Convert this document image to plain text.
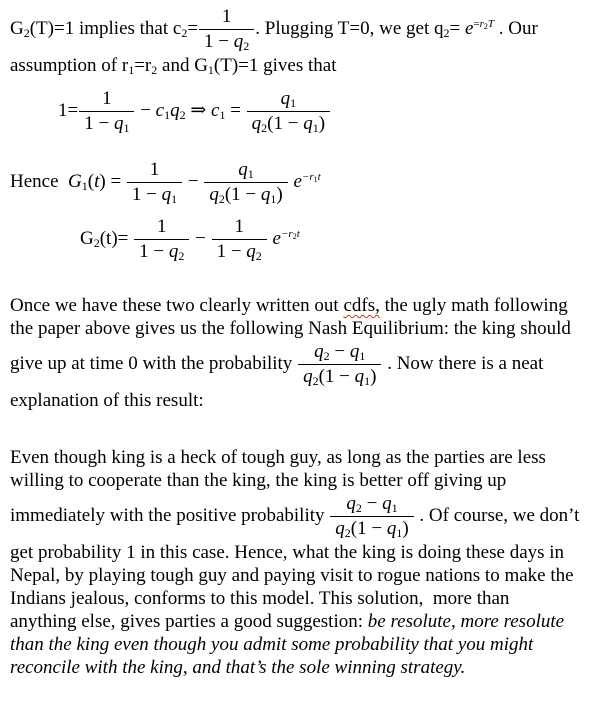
G2(T)=1 implies that $c2= \frac{1}{1 - q2}$ . Plugging T=0, we get $q2= e^{=r2T}$ . Our
assumption of r1=r2 and G1(T)=1 gives that
$1= \frac{1}{1 - q1} - c1q2$ ⇒ $c1 = \frac{q1}{q2(1 - q1)}$
Hence  $G1(t) = \frac{1}{1 - q1} - \frac{q1}{q2(1 - q1)} e^{-r1t}$
$G2(t)= \frac{1}{1 - q2} - \frac{1}{1 - q2} e^{-r2t}$
Once we have these two clearly written out cdfs, the ugly math following
the paper above gives us the following Nash Equilibrium: the king should
give up at time 0 with the probability $\frac{q2 - q1}{q2(1 - q1)}$ . Now there is a neat
explanation of this result:
Even though king is a heck of tough guy, as long as the parties are less
willing to cooperate than the king, the king is better off giving up
immediately with the positive probability $\frac{q2 - q1}{q2(1 - q1)}$ . Of course, we don’t
get probability 1 in this case. Hence, what the king is doing these days in
Nepal, by playing tough guy and paying visit to rogue nations to make the
Indians jealous, conforms to this model. This solution,  more than
anything else, gives parties a good suggestion: be resolute, more resolute
than the king even though you admit some probability that you might
reconcile with the king, and that’s the sole winning strategy.
